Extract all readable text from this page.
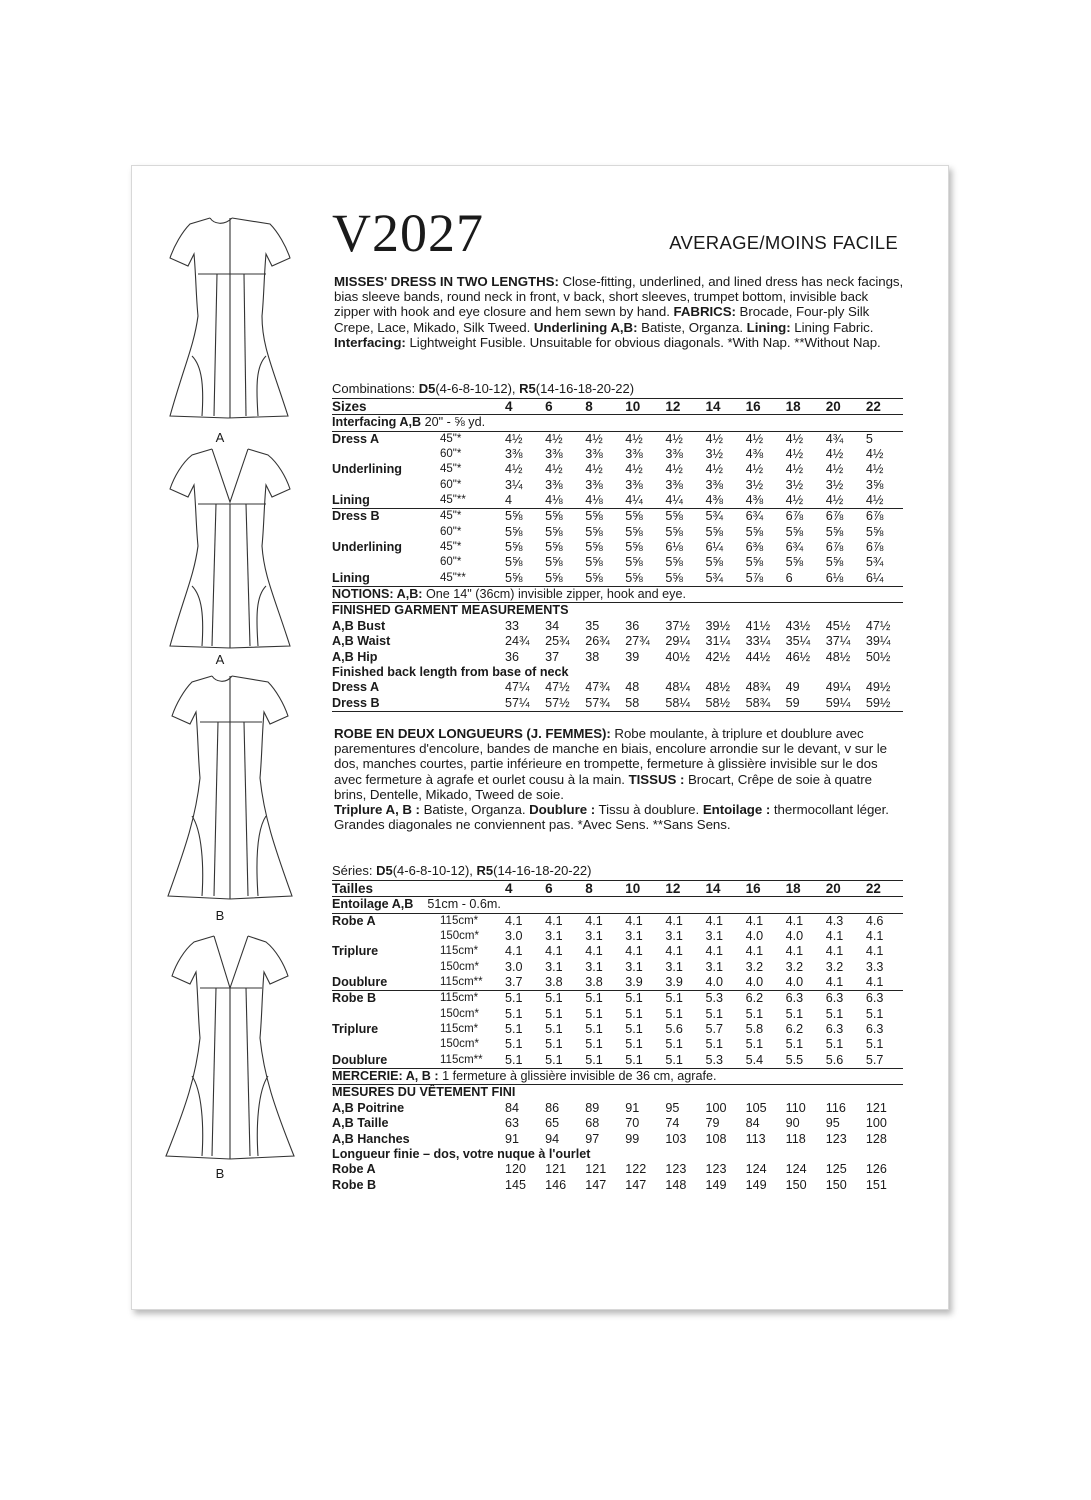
A
A
B
B
V2027	AVERAGE/MOINS FACILE
MISSES' DRESS IN TWO LENGTHS: Close-fitting, underlined, and lined dress has neck facings, bias sleeve bands, round neck in front, v back, short sleeves, trumpet bottom, invisible back zipper with hook and eye closure and hem sewn by hand. FABRICS: Brocade, Four-ply Silk Crepe, Lace, Mikado, Silk Tweed. Underlining A,B: Batiste, Organza. Lining: Lining Fabric. Interfacing: Lightweight Fusible. Unsuitable for obvious diagonals. *With Nap. **Without Nap.
Combinations: D5(4-6-8-10-12), R5(14-16-18-20-22)
Sizes		4	6	8	10	12	14	16	18	20	22
Interfacing A,B 20" - ⅝ yd.											
Dress A	45"*	4½	4½	4½	4½	4½	4½	4½	4½	4¾	5
	60"*	3⅜	3⅜	3⅜	3⅜	3⅜	3½	4⅜	4½	4½	4½
Underlining	45"*	4½	4½	4½	4½	4½	4½	4½	4½	4½	4½
	60"*	3¼	3⅜	3⅜	3⅜	3⅜	3⅜	3½	3½	3½	3⅝
Lining	45"**	4	4⅛	4⅛	4¼	4¼	4⅜	4⅜	4½	4½	4½
Dress B	45"*	5⅝	5⅝	5⅝	5⅝	5⅝	5¾	6¾	6⅞	6⅞	6⅞
	60"*	5⅝	5⅝	5⅝	5⅝	5⅝	5⅝	5⅝	5⅝	5⅝	5⅝
Underlining	45"*	5⅝	5⅝	5⅝	5⅝	6⅛	6¼	6⅜	6¾	6⅞	6⅞
	60"*	5⅝	5⅝	5⅝	5⅝	5⅝	5⅝	5⅝	5⅝	5⅝	5¾
Lining	45"**	5⅝	5⅝	5⅝	5⅝	5⅝	5¾	5⅞	6	6⅛	6¼
NOTIONS: A,B: One 14" (36cm) invisible zipper, hook and eye.											
FINISHED GARMENT MEASUREMENTS											
A,B Bust		33	34	35	36	37½	39½	41½	43½	45½	47½
A,B Waist		24¾	25¾	26¾	27¾	29¼	31¼	33¼	35¼	37¼	39¼
A,B Hip		36	37	38	39	40½	42½	44½	46½	48½	50½
Finished back length from base of neck											
Dress A		47¼	47½	47¾	48	48¼	48½	48¾	49	49¼	49½
Dress B		57¼	57½	57¾	58	58¼	58½	58¾	59	59¼	59½
ROBE EN DEUX LONGUEURS (J. FEMMES): Robe moulante, à triplure et doublure avec parementures d'encolure, bandes de manche en biais, encolure arrondie sur le devant, v sur le dos, manches courtes, partie inférieure en trompette, fermeture à glissière invisible sur le dos avec fermeture à agrafe et ourlet cousu à la main. TISSUS : Brocart, Crêpe de soie à quatre brins, Dentelle, Mikado, Tweed de soie.
Triplure A, B : Batiste, Organza. Doublure : Tissu à doublure. Entoilage : thermocollant léger. Grandes diagonales ne conviennent pas. *Avec Sens. **Sans Sens.
Séries: D5(4-6-8-10-12), R5(14-16-18-20-22)
Tailles		4	6	8	10	12	14	16	18	20	22
Entoilage A,B    51cm - 0.6m.											
Robe A	115cm*	4.1	4.1	4.1	4.1	4.1	4.1	4.1	4.1	4.3	4.6
	150cm*	3.0	3.1	3.1	3.1	3.1	3.1	4.0	4.0	4.1	4.1
Triplure	115cm*	4.1	4.1	4.1	4.1	4.1	4.1	4.1	4.1	4.1	4.1
	150cm*	3.0	3.1	3.1	3.1	3.1	3.1	3.2	3.2	3.2	3.3
Doublure	115cm**	3.7	3.8	3.8	3.9	3.9	4.0	4.0	4.0	4.1	4.1
Robe B	115cm*	5.1	5.1	5.1	5.1	5.1	5.3	6.2	6.3	6.3	6.3
	150cm*	5.1	5.1	5.1	5.1	5.1	5.1	5.1	5.1	5.1	5.1
Triplure	115cm*	5.1	5.1	5.1	5.1	5.6	5.7	5.8	6.2	6.3	6.3
	150cm*	5.1	5.1	5.1	5.1	5.1	5.1	5.1	5.1	5.1	5.1
Doublure	115cm**	5.1	5.1	5.1	5.1	5.1	5.3	5.4	5.5	5.6	5.7
MERCERIE: A, B : 1 fermeture à glissière invisible de 36 cm, agrafe.											
MESURES DU VÊTEMENT FINI											
A,B Poitrine		84	86	89	91	95	100	105	110	116	121
A,B Taille		63	65	68	70	74	79	84	90	95	100
A,B Hanches		91	94	97	99	103	108	113	118	123	128
Longueur finie – dos, votre nuque à l'ourlet											
Robe A		120	121	121	122	123	123	124	124	125	126
Robe B		145	146	147	147	148	149	149	150	150	151
